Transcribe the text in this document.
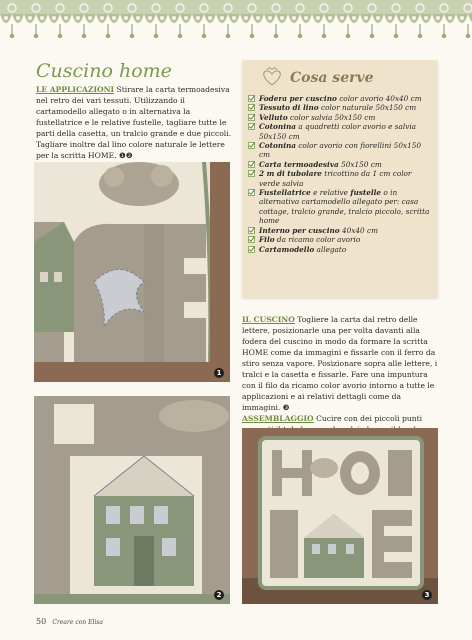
Cuscino home

LE APPLICAZIONI Stirare la carta termoadesiva nel retro dei vari tessuti. Utilizzando il cartamodello allegato o in alternativa la fustellatrice e le relative fustelle, tagliare tutte le parti della casetta, un tralcio grande e due piccoli. Tagliare inoltre dal lino colore naturale le lettere per la scritta HOME. ❶❷

Cosa serve
Fodera per cuscino color avorio 40x40 cm
Tessuto di lino color naturale 50x150 cm
Velluto color salvia 50x150 cm
Cotonina a quadretti color avorio e salvia 50x150 cm
Cotonina color avorio con fiorellini 50x150 cm
Carta termoadesiva 50x150 cm
2 m di tubolare tricottino da 1 cm color verde salvia
Fustellatrice e relative fustelle o in alternativa cartamodello allegato per: casa cottage, tralcio grande, tralcio piccolo, scritta home
Interno per cuscino 40x40 cm
Filo da ricamo color avorio
Cartamodello allegato

IL CUSCINO Togliere la carta dal retro delle lettere, posizionarle una per volta davanti alla fodera del cuscino in modo da formare la scritta HOME come da immagini e fissarle con il ferro da stiro senza vapore. Posizionare sopra alle lettere, i tralci e la casetta e fissarle. Fare una impuntura con il filo da ricamo color avorio intorno a tutte le applicazioni e ai relativi dettagli come da immagini. ❸

ASSEMBLAGGIO Cucire con dei piccoli punti

1
2	3
50 Creare con Elisa
